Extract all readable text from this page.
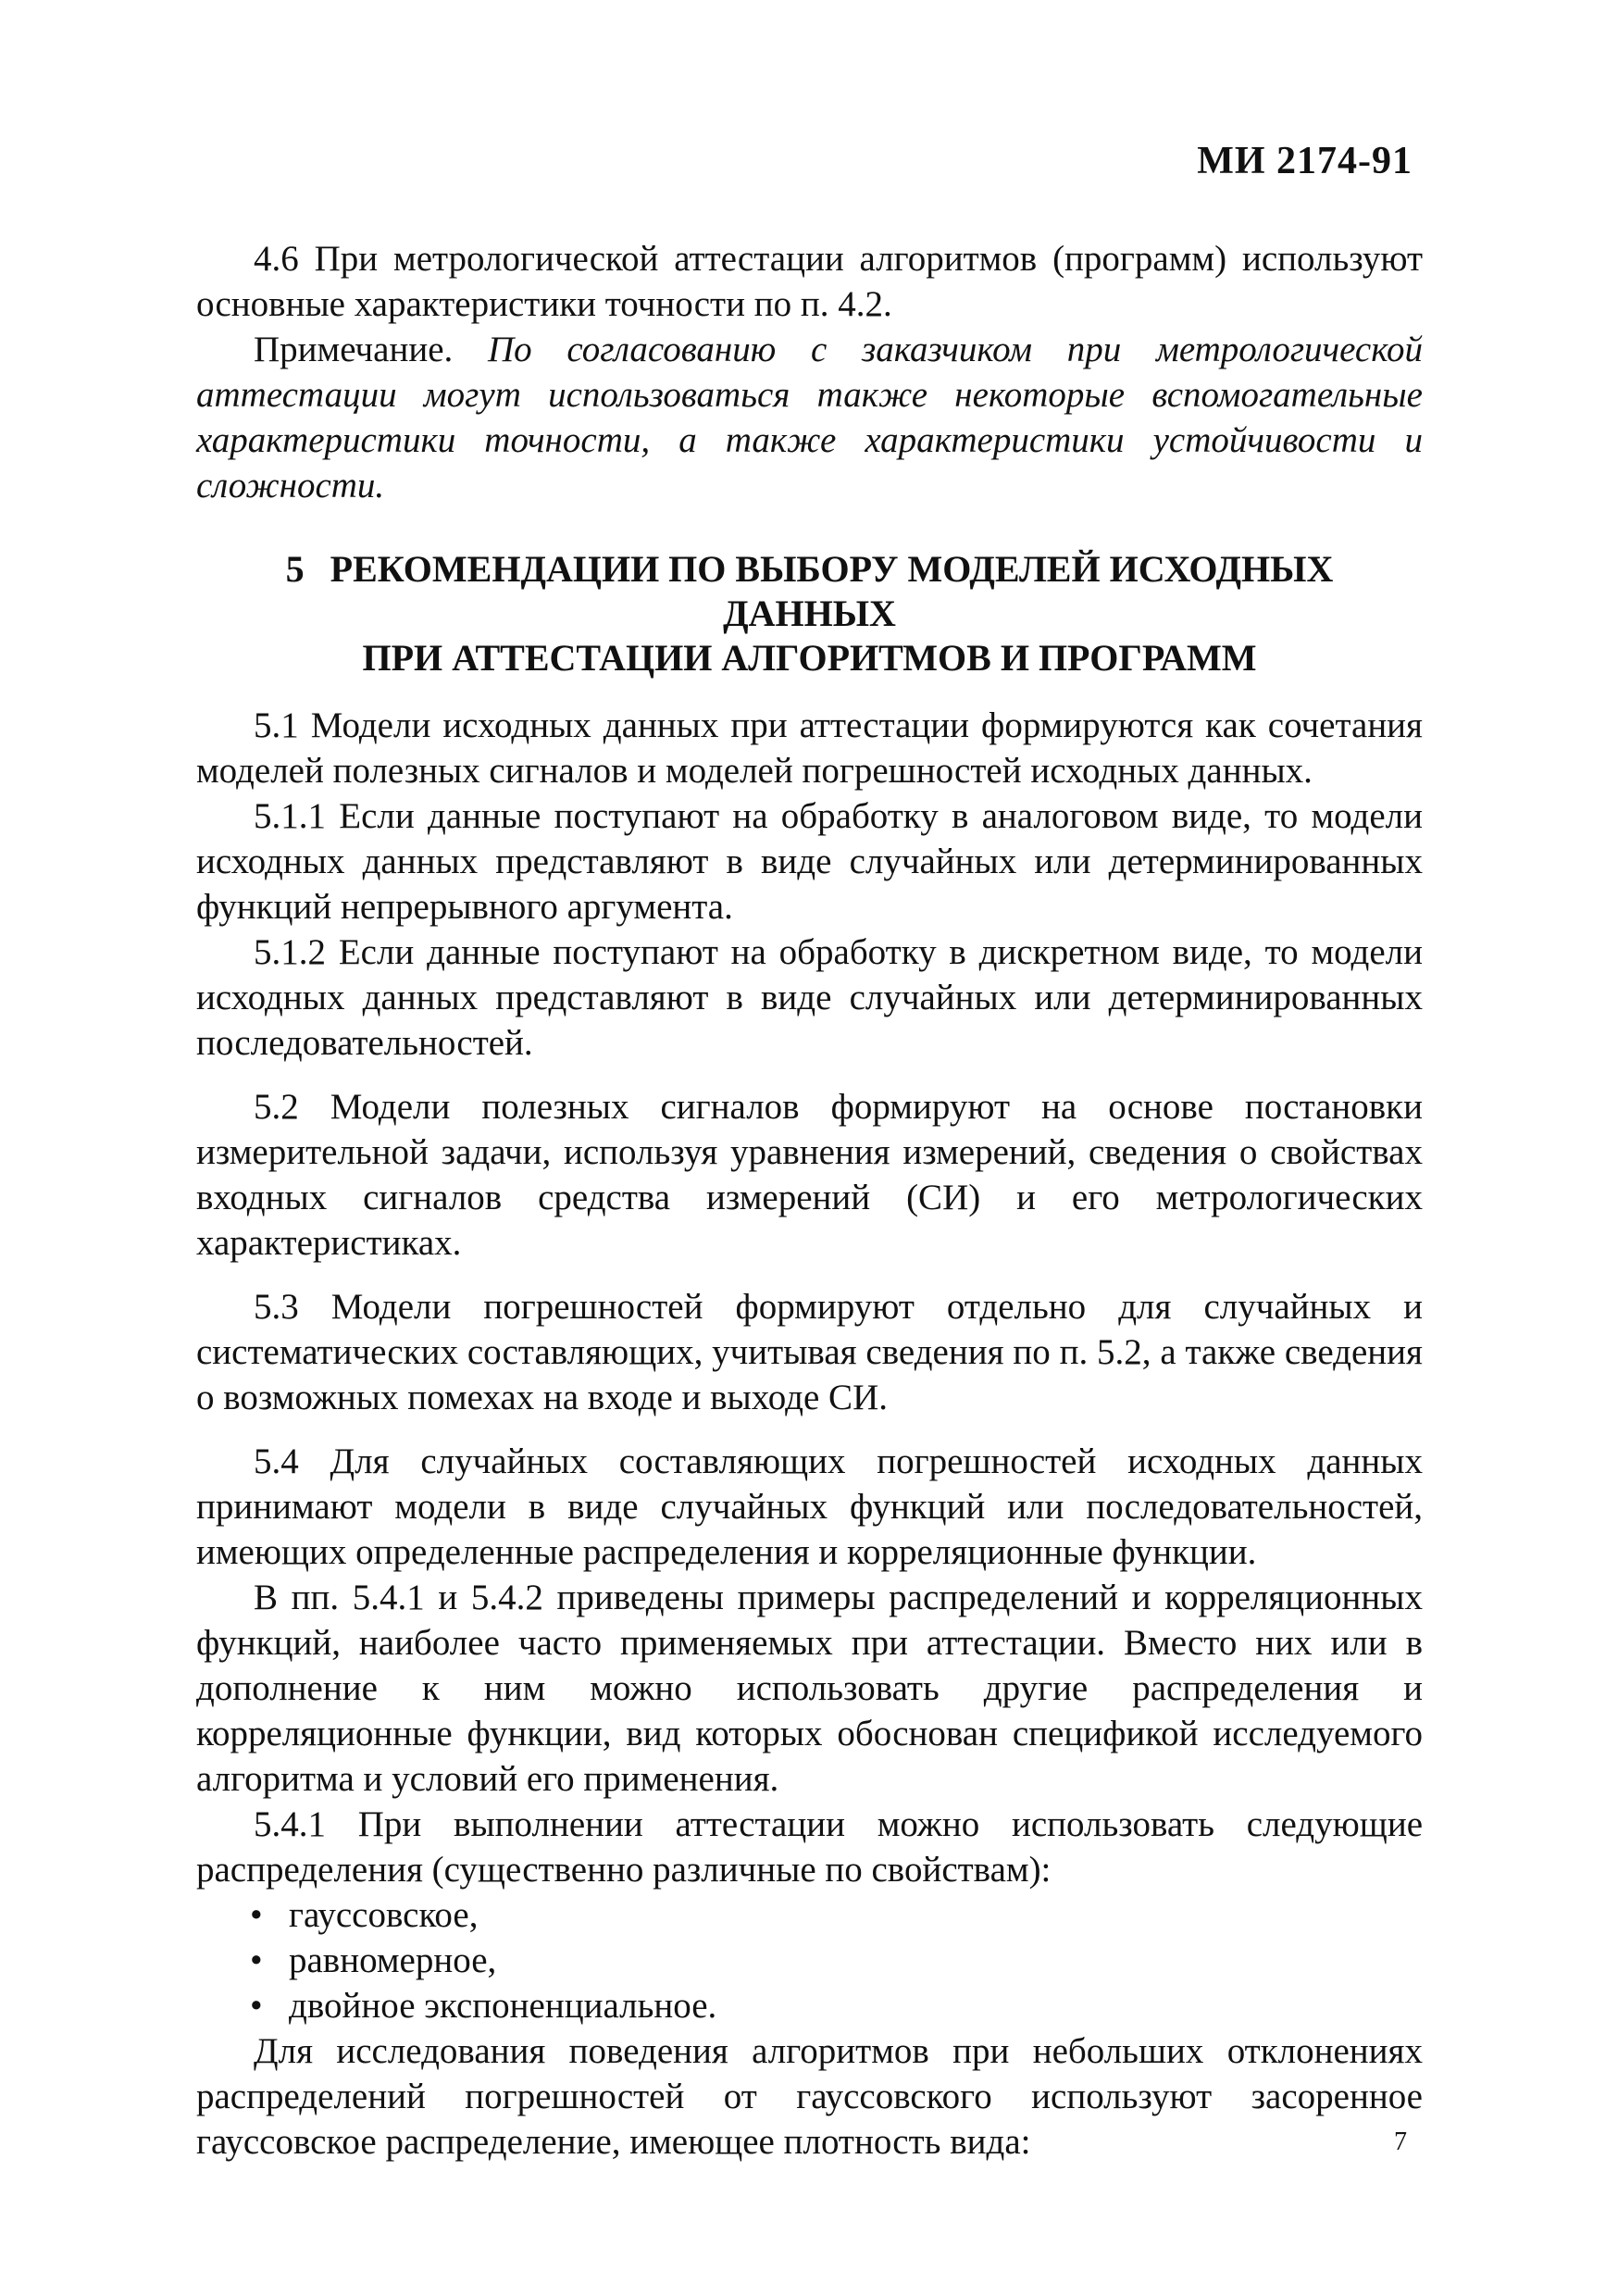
МИ 2174-91

4.6 При метрологической аттестации алгоритмов (программ) используют основные характеристики точности по п. 4.2.

Примечание. По согласованию с заказчиком при метрологической аттестации могут использоваться также некоторые вспомогательные характеристики точности, а также характеристики устойчивости и сложности.

5 РЕКОМЕНДАЦИИ ПО ВЫБОРУ МОДЕЛЕЙ ИСХОДНЫХ ДАННЫХ
ПРИ АТТЕСТАЦИИ АЛГОРИТМОВ И ПРОГРАММ

5.1 Модели исходных данных при аттестации формируются как сочетания моделей полезных сигналов и моделей погрешностей исходных данных.

5.1.1 Если данные поступают на обработку в аналоговом виде, то модели исходных данных представляют в виде случайных или детерминированных функций непрерывного аргумента.

5.1.2 Если данные поступают на обработку в дискретном виде, то модели исходных данных представляют в виде случайных или детерминированных последовательностей.

5.2 Модели полезных сигналов формируют на основе постановки измерительной задачи, используя уравнения измерений, сведения о свойствах входных сигналов средства измерений (СИ) и его метрологических характеристиках.

5.3 Модели погрешностей формируют отдельно для случайных и систематических составляющих, учитывая сведения по п. 5.2, а также сведения о возможных помехах на входе и выходе СИ.

5.4 Для случайных составляющих погрешностей исходных данных принимают модели в виде случайных функций или последовательностей, имеющих определенные распределения и корреляционные функции.

В пп. 5.4.1 и 5.4.2 приведены примеры распределений и корреляционных функций, наиболее часто применяемых при аттестации. Вместо них или в дополнение к ним можно использовать другие распределения и корреляционные функции, вид которых обоснован спецификой исследуемого алгоритма и условий его применения.

5.4.1 При выполнении аттестации можно использовать следующие распределения (существенно различные по свойствам):

• гауссовское,
• равномерное,
• двойное экспоненциальное.

Для исследования поведения алгоритмов при небольших отклонениях распределений погрешностей от гауссовского используют засоренное гауссовское распределение, имеющее плотность вида:	7
